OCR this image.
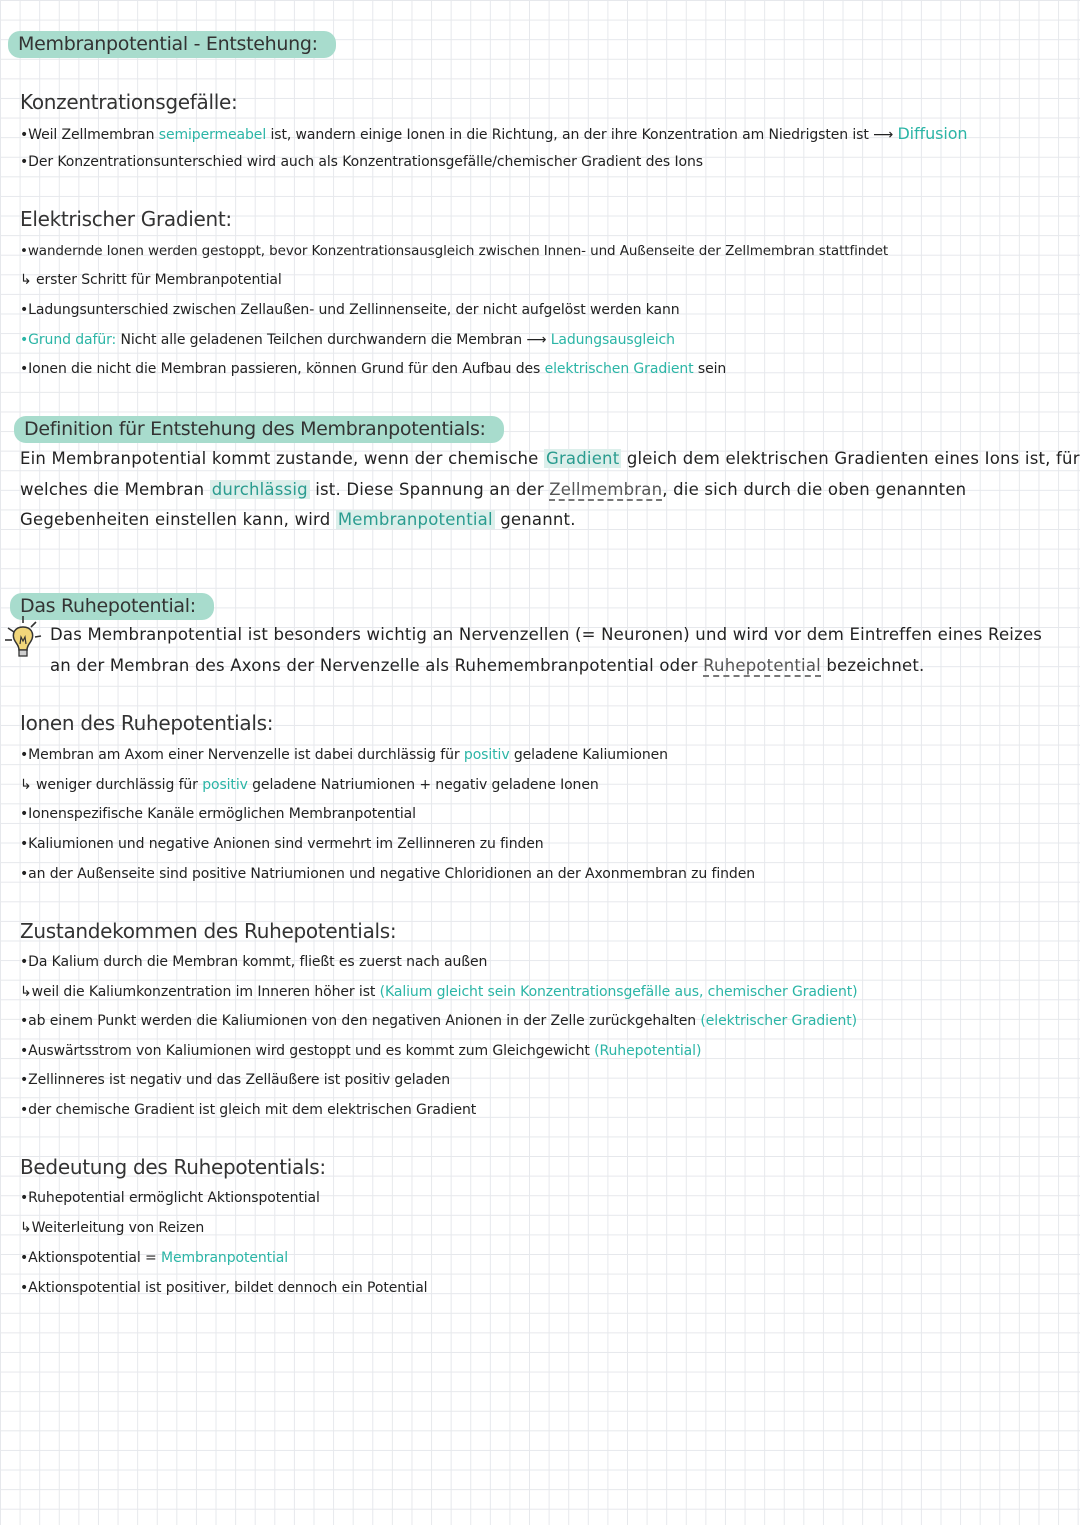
Membranpotential - Entstehung:
Konzentrationsgefälle:
•Weil Zellmembran semipermeabel ist, wandern einige Ionen in die Richtung, an der ihre Konzentration am Niedrigsten ist ⟶ Diffusion
•Der Konzentrationsunterschied wird auch als Konzentrationsgefälle/chemischer Gradient des Ions
Elektrischer Gradient:
•wandernde Ionen werden gestoppt, bevor Konzentrationsausgleich zwischen Innen- und Außenseite der Zellmembran stattfindet
↳ erster Schritt für Membranpotential
•Ladungsunterschied zwischen Zellaußen- und Zellinnenseite, der nicht aufgelöst werden kann
•Grund dafür: Nicht alle geladenen Teilchen durchwandern die Membran ⟶ Ladungsausgleich
•Ionen die nicht die Membran passieren, können Grund für den Aufbau des elektrischen Gradient sein
Definition für Entstehung des Membranpotentials:
Ein Membranpotential kommt zustande, wenn der chemische Gradient gleich dem elektrischen Gradienten eines Ions ist, für
welches die Membran durchlässig ist. Diese Spannung an der Zellmembran, die sich durch die oben genannten
Gegebenheiten einstellen kann, wird Membranpotential genannt.
Das Ruhepotential:
Das Membranpotential ist besonders wichtig an Nervenzellen (= Neuronen) und wird vor dem Eintreffen eines Reizes
an der Membran des Axons der Nervenzelle als Ruhemembranpotential oder Ruhepotential bezeichnet.
Ionen des Ruhepotentials:
•Membran am Axom einer Nervenzelle ist dabei durchlässig für positiv geladene Kaliumionen
↳ weniger durchlässig für positiv geladene Natriumionen + negativ geladene Ionen
•Ionenspezifische Kanäle ermöglichen Membranpotential
•Kaliumionen und negative Anionen sind vermehrt im Zellinneren zu finden
•an der Außenseite sind positive Natriumionen und negative Chloridionen an der Axonmembran zu finden
Zustandekommen des Ruhepotentials:
•Da Kalium durch die Membran kommt, fließt es zuerst nach außen
↳weil die Kaliumkonzentration im Inneren höher ist (Kalium gleicht sein Konzentrationsgefälle aus, chemischer Gradient)
•ab einem Punkt werden die Kaliumionen von den negativen Anionen in der Zelle zurückgehalten (elektrischer Gradient)
•Auswärtsstrom von Kaliumionen wird gestoppt und es kommt zum Gleichgewicht (Ruhepotential)
•Zellinneres ist negativ und das Zelläußere ist positiv geladen
•der chemische Gradient ist gleich mit dem elektrischen Gradient
Bedeutung des Ruhepotentials:
•Ruhepotential ermöglicht Aktionspotential
↳Weiterleitung von Reizen
•Aktionspotential = Membranpotential
•Aktionspotential ist positiver, bildet dennoch ein Potential
